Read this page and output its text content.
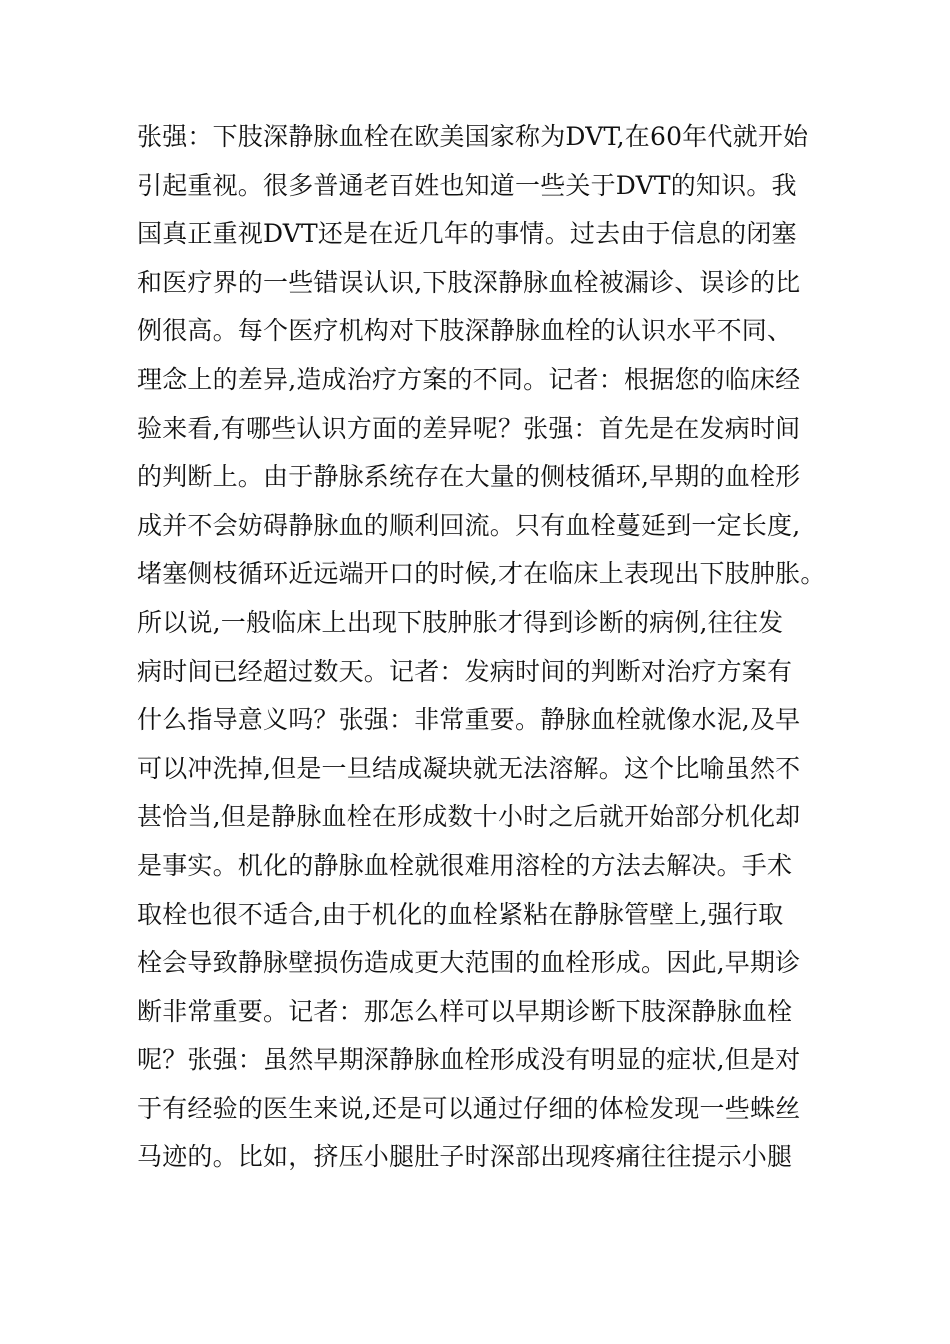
张强：下肢深静脉血栓在欧美国家称为DVT,在60年代就开始
引起重视。很多普通老百姓也知道一些关于DVT的知识。我
国真正重视DVT还是在近几年的事情。过去由于信息的闭塞
和医疗界的一些错误认识,下肢深静脉血栓被漏诊、误诊的比
例很高。每个医疗机构对下肢深静脉血栓的认识水平不同、
理念上的差异,造成治疗方案的不同。记者：根据您的临床经
验来看,有哪些认识方面的差异呢？张强：首先是在发病时间
的判断上。由于静脉系统存在大量的侧枝循环,早期的血栓形
成并不会妨碍静脉血的顺利回流。只有血栓蔓延到一定长度,
堵塞侧枝循环近远端开口的时候,才在临床上表现出下肢肿胀。
所以说,一般临床上出现下肢肿胀才得到诊断的病例,往往发
病时间已经超过数天。记者：发病时间的判断对治疗方案有
什么指导意义吗？张强：非常重要。静脉血栓就像水泥,及早
可以冲洗掉,但是一旦结成凝块就无法溶解。这个比喻虽然不
甚恰当,但是静脉血栓在形成数十小时之后就开始部分机化却
是事实。机化的静脉血栓就很难用溶栓的方法去解决。手术
取栓也很不适合,由于机化的血栓紧粘在静脉管壁上,强行取
栓会导致静脉壁损伤造成更大范围的血栓形成。因此,早期诊
断非常重要。记者：那怎么样可以早期诊断下肢深静脉血栓
呢？张强：虽然早期深静脉血栓形成没有明显的症状,但是对
于有经验的医生来说,还是可以通过仔细的体检发现一些蛛丝
马迹的。比如，挤压小腿肚子时深部出现疼痛往往提示小腿
